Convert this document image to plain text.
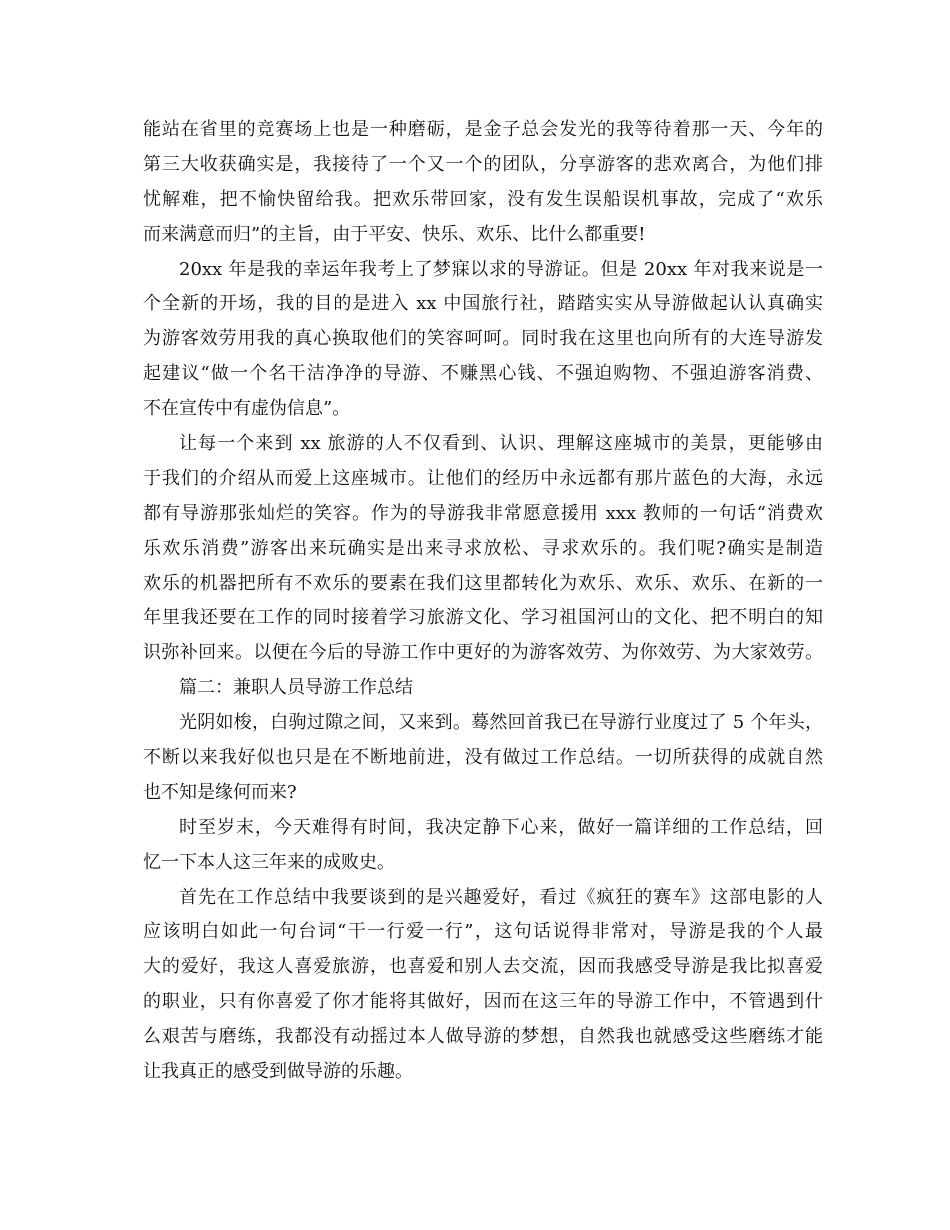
能站在省里的竞赛场上也是一种磨砺，是金子总会发光的我等待着那一天、今年的
第三大收获确实是，我接待了一个又一个的团队，分享游客的悲欢离合，为他们排
忧解难，把不愉快留给我。把欢乐带回家，没有发生误船误机事故，完成了“欢乐
而来满意而归”的主旨，由于平安、快乐、欢乐、比什么都重要!
20xx 年是我的幸运年我考上了梦寐以求的导游证。但是 20xx 年对我来说是一
个全新的开场，我的目的是进入 xx 中国旅行社，踏踏实实从导游做起认认真确实
为游客效劳用我的真心换取他们的笑容呵呵。同时我在这里也向所有的大连导游发
起建议“做一个名干洁净净的导游、不赚黑心钱、不强迫购物、不强迫游客消费、
不在宣传中有虚伪信息”。
让每一个来到 xx 旅游的人不仅看到、认识、理解这座城市的美景，更能够由
于我们的介绍从而爱上这座城市。让他们的经历中永远都有那片蓝色的大海，永远
都有导游那张灿烂的笑容。作为的导游我非常愿意援用 xxx 教师的一句话“消费欢
乐欢乐消费”游客出来玩确实是出来寻求放松、寻求欢乐的。我们呢?确实是制造
欢乐的机器把所有不欢乐的要素在我们这里都转化为欢乐、欢乐、欢乐、在新的一
年里我还要在工作的同时接着学习旅游文化、学习祖国河山的文化、把不明白的知
识弥补回来。以便在今后的导游工作中更好的为游客效劳、为你效劳、为大家效劳。
篇二：兼职人员导游工作总结
光阴如梭，白驹过隙之间，又来到。蓦然回首我已在导游行业度过了 5 个年头，
不断以来我好似也只是在不断地前进，没有做过工作总结。一切所获得的成就自然
也不知是缘何而来?
时至岁末，今天难得有时间，我决定静下心来，做好一篇详细的工作总结，回
忆一下本人这三年来的成败史。
首先在工作总结中我要谈到的是兴趣爱好，看过《疯狂的赛车》这部电影的人
应该明白如此一句台词“干一行爱一行”，这句话说得非常对，导游是我的个人最
大的爱好，我这人喜爱旅游，也喜爱和别人去交流，因而我感受导游是我比拟喜爱
的职业，只有你喜爱了你才能将其做好，因而在这三年的导游工作中，不管遇到什
么艰苦与磨练，我都没有动摇过本人做导游的梦想，自然我也就感受这些磨练才能
让我真正的感受到做导游的乐趣。
